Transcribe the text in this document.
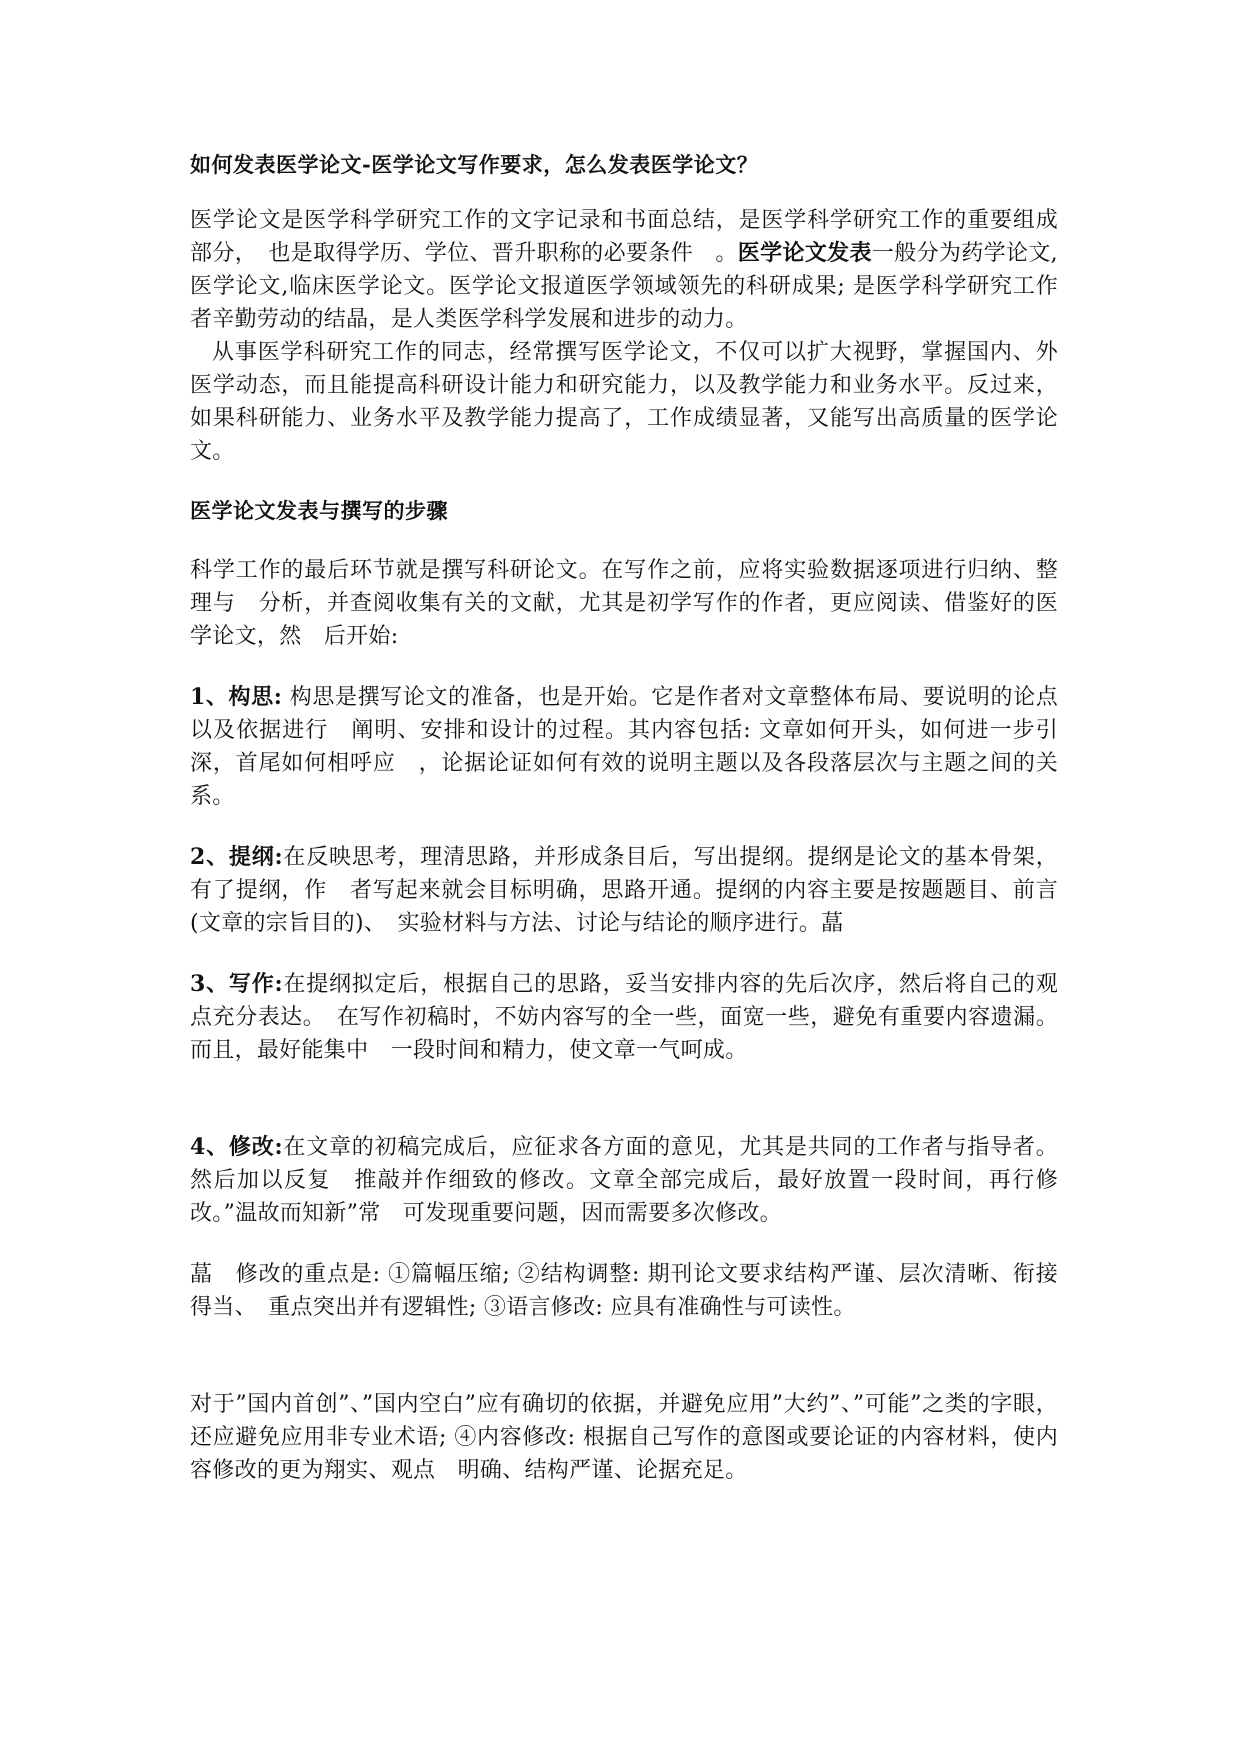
如何发表医学论文-医学论文写作要求，怎么发表医学论文？

医学论文是医学科学研究工作的文字记录和书面总结，是医学科学研究工作的重要组成部分，　也是取得学历、学位、晋升职称的必要条件　。医学论文发表一般分为药学论文,医学论文,临床医学论文。医学论文报道医学领域领先的科研成果; 是医学科学研究工作者辛勤劳动的结晶，是人类医学科学发展和进步的动力。

从事医学科研究工作的同志，经常撰写医学论文，不仅可以扩大视野，掌握国内、外医学动态，而且能提高科研设计能力和研究能力，以及教学能力和业务水平。反过来，如果科研能力、业务水平及教学能力提高了，工作成绩显著，又能写出高质量的医学论文。

医学论文发表与撰写的步骤

科学工作的最后环节就是撰写科研论文。在写作之前，应将实验数据逐项进行归纳、整理与　分析，并查阅收集有关的文献，尤其是初学写作的作者，更应阅读、借鉴好的医学论文，然　后开始:

1、构思: 构思是撰写论文的准备，也是开始。它是作者对文章整体布局、要说明的论点以及依据进行　阐明、安排和设计的过程。其内容包括: 文章如何开头，如何进一步引深，首尾如何相呼应　，论据论证如何有效的说明主题以及各段落层次与主题之间的关系。

2、提纲:在反映思考，理清思路，并形成条目后，写出提纲。提纲是论文的基本骨架，有了提纲，作　者写起来就会目标明确，思路开通。提纲的内容主要是按题题目、前言(文章的宗旨目的)、　实验材料与方法、讨论与结论的顺序进行。蕌

3、写作:在提纲拟定后，根据自己的思路，妥当安排内容的先后次序，然后将自己的观点充分表达。　在写作初稿时，不妨内容写的全一些，面宽一些，避免有重要内容遗漏。而且，最好能集中　一段时间和精力，使文章一气呵成。

4、修改:在文章的初稿完成后，应征求各方面的意见，尤其是共同的工作者与指导者。然后加以反复　推敲并作细致的修改。文章全部完成后，最好放置一段时间，再行修改。”温故而知新”常　可发现重要问题，因而需要多次修改。

蕌　修改的重点是: ①篇幅压缩; ②结构调整: 期刊论文要求结构严谨、层次清晰、衔接得当、　重点突出并有逻辑性; ③语言修改: 应具有准确性与可读性。

对于”国内首创”、”国内空白”应有确切的依据，并避免应用”大约”、”可能”之类的字眼，还应避免应用非专业术语; ④内容修改: 根据自己写作的意图或要论证的内容材料，使内容修改的更为翔实、观点　明确、结构严谨、论据充足。
